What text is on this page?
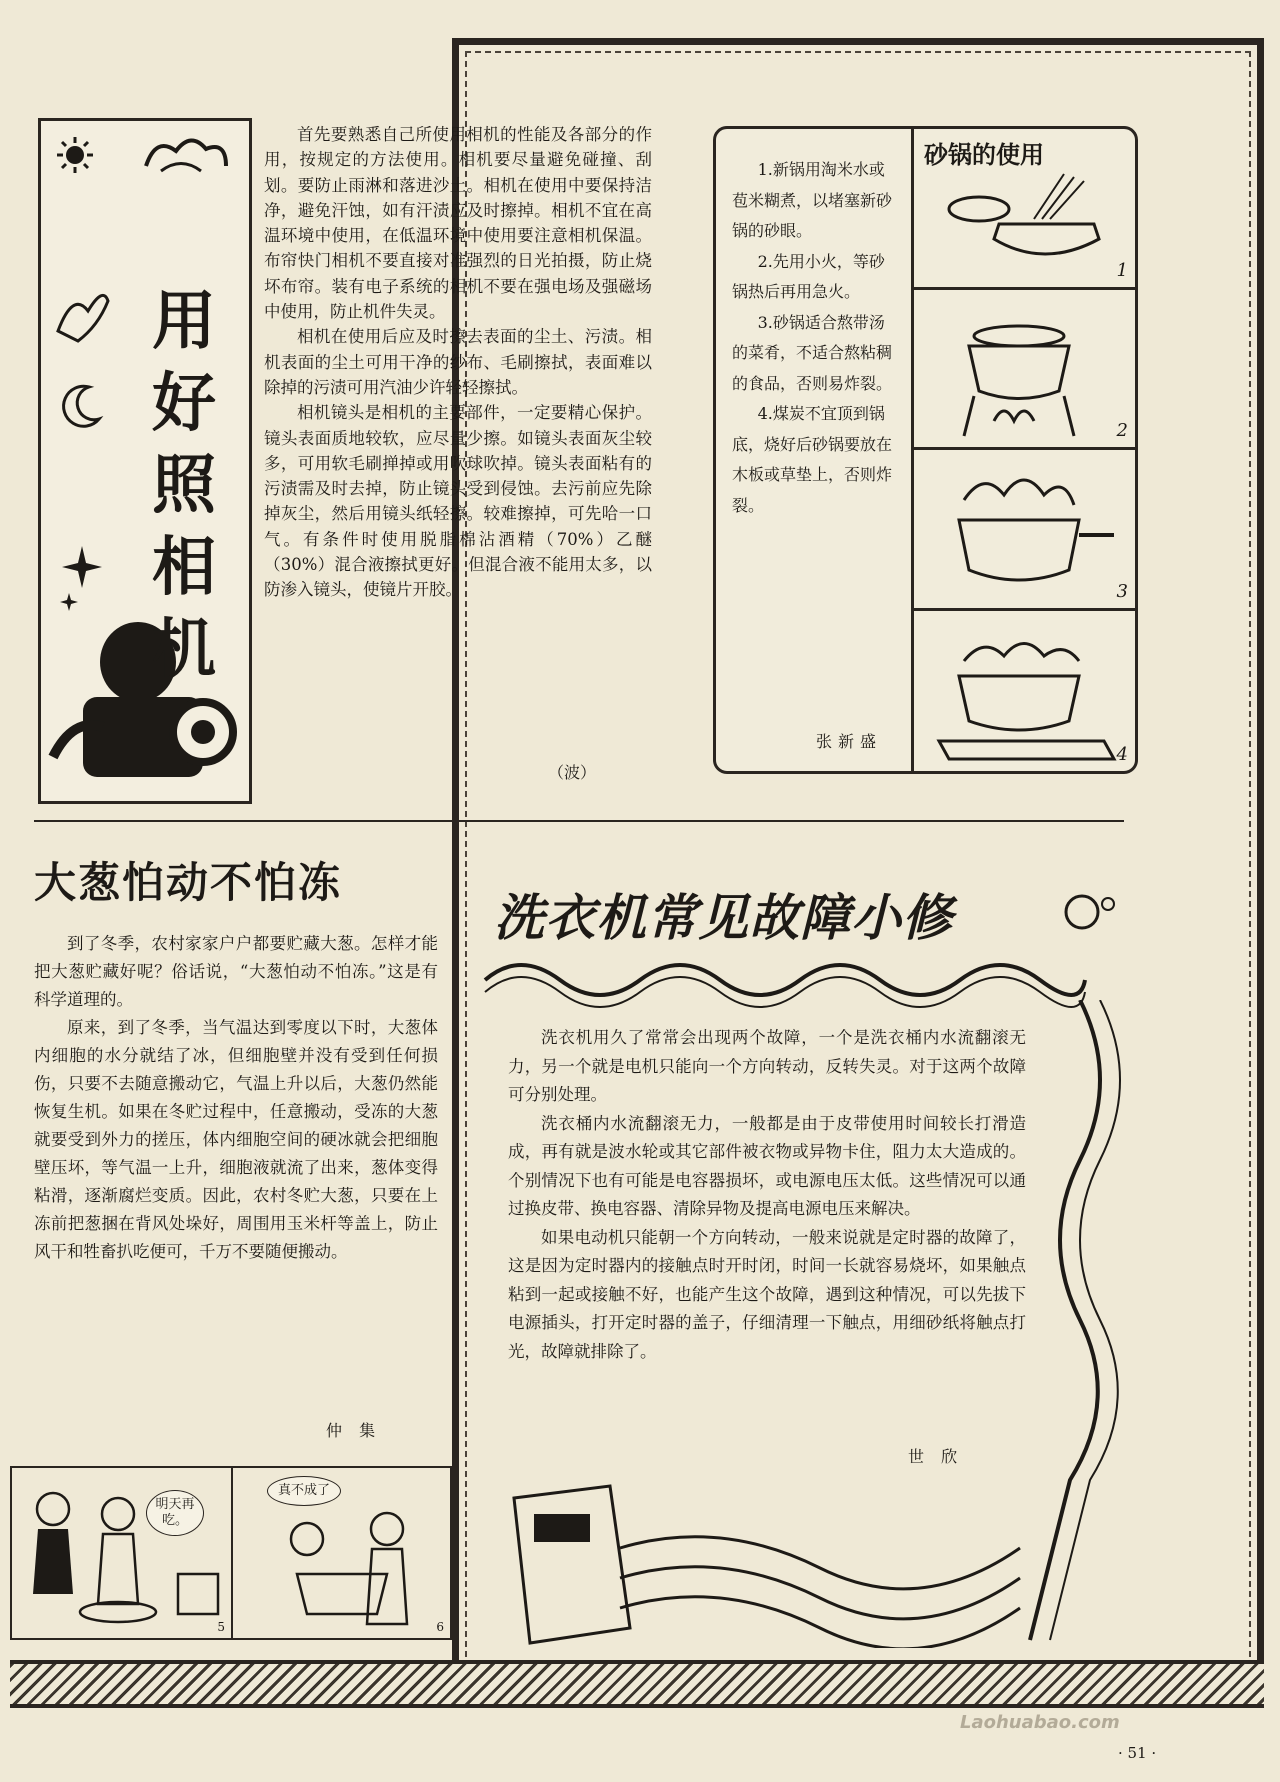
用
好
照
相
机

首先要熟悉自己所使用相机的性能及各部分的作用，按规定的方法使用。相机要尽量避免碰撞、刮划。要防止雨淋和落进沙土。相机在使用中要保持洁净，避免汗蚀，如有汗渍应及时擦掉。相机不宜在高温环境中使用，在低温环境中使用要注意相机保温。布帘快门相机不要直接对准强烈的日光拍摄，防止烧坏布帘。装有电子系统的相机不要在强电场及强磁场中使用，防止机件失灵。

相机在使用后应及时擦去表面的尘土、污渍。相机表面的尘土可用干净的纱布、毛刷擦拭，表面难以除掉的污渍可用汽油少许轻轻擦拭。

相机镜头是相机的主要部件，一定要精心保护。镜头表面质地较软，应尽量少擦。如镜头表面灰尘较多，可用软毛刷掸掉或用吹球吹掉。镜头表面粘有的污渍需及时去掉，防止镜头受到侵蚀。去污前应先除掉灰尘，然后用镜头纸轻擦。较难擦掉，可先哈一口气。有条件时使用脱脂棉沾酒精（70%）乙醚（30%）混合液擦拭更好。但混合液不能用太多，以防渗入镜头，使镜片开胶。

（波）

1.新锅用淘米水或苞米糊煮，以堵塞新砂锅的砂眼。

2.先用小火，等砂锅热后再用急火。

3.砂锅适合熬带汤的菜肴，不适合熬粘稠的食品，否则易炸裂。

4.煤炭不宜顶到锅底，烧好后砂锅要放在木板或草垫上，否则炸裂。

张新盛
砂锅的使用
1
2
3
4
大葱怕动不怕冻

到了冬季，农村家家户户都要贮藏大葱。怎样才能把大葱贮藏好呢？俗话说，“大葱怕动不怕冻。”这是有科学道理的。

原来，到了冬季，当气温达到零度以下时，大葱体内细胞的水分就结了冰，但细胞壁并没有受到任何损伤，只要不去随意搬动它，气温上升以后，大葱仍然能恢复生机。如果在冬贮过程中，任意搬动，受冻的大葱就要受到外力的搓压，体内细胞空间的硬冰就会把细胞壁压坏，等气温一上升，细胞液就流了出来，葱体变得粘滑，逐渐腐烂变质。因此，农村冬贮大葱，只要在上冻前把葱捆在背风处垛好，周围用玉米杆等盖上，防止风干和牲畜扒吃便可，千万不要随便搬动。

仲 集
明天再吃。
5
真不成了
6
洗衣机常见故障小修

洗衣机用久了常常会出现两个故障，一个是洗衣桶内水流翻滚无力，另一个就是电机只能向一个方向转动，反转失灵。对于这两个故障可分别处理。

洗衣桶内水流翻滚无力，一般都是由于皮带使用时间较长打滑造成，再有就是波水轮或其它部件被衣物或异物卡住，阻力太大造成的。个别情况下也有可能是电容器损坏，或电源电压太低。这些情况可以通过换皮带、换电容器、清除异物及提高电源电压来解决。

如果电动机只能朝一个方向转动，一般来说就是定时器的故障了，这是因为定时器内的接触点时开时闭，时间一长就容易烧坏，如果触点粘到一起或接触不好，也能产生这个故障，遇到这种情况，可以先拔下电源插头，打开定时器的盖子，仔细清理一下触点，用细砂纸将触点打光，故障就排除了。

世 欣
Laohuabao.com
· 51 ·
